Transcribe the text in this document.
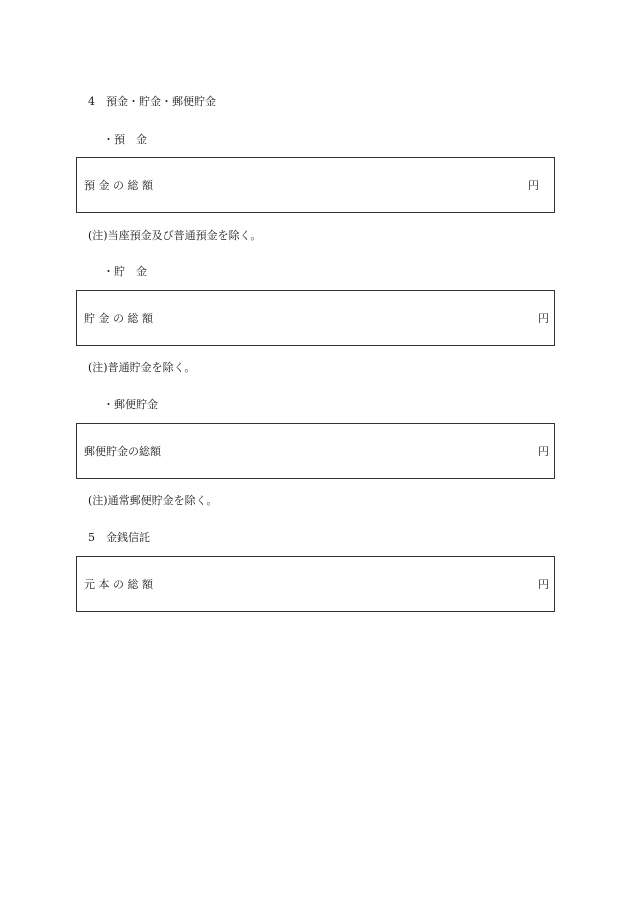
4　預金・貯金・郵便貯金
・預　金
預 金 の 総 額	円
(注)当座預金及び普通預金を除く。
・貯　金
貯 金 の 総 額	円
(注)普通貯金を除く。
・郵便貯金
郵便貯金の総額	円
(注)通常郵便貯金を除く。
5　金銭信託
元 本 の 総 額	円
